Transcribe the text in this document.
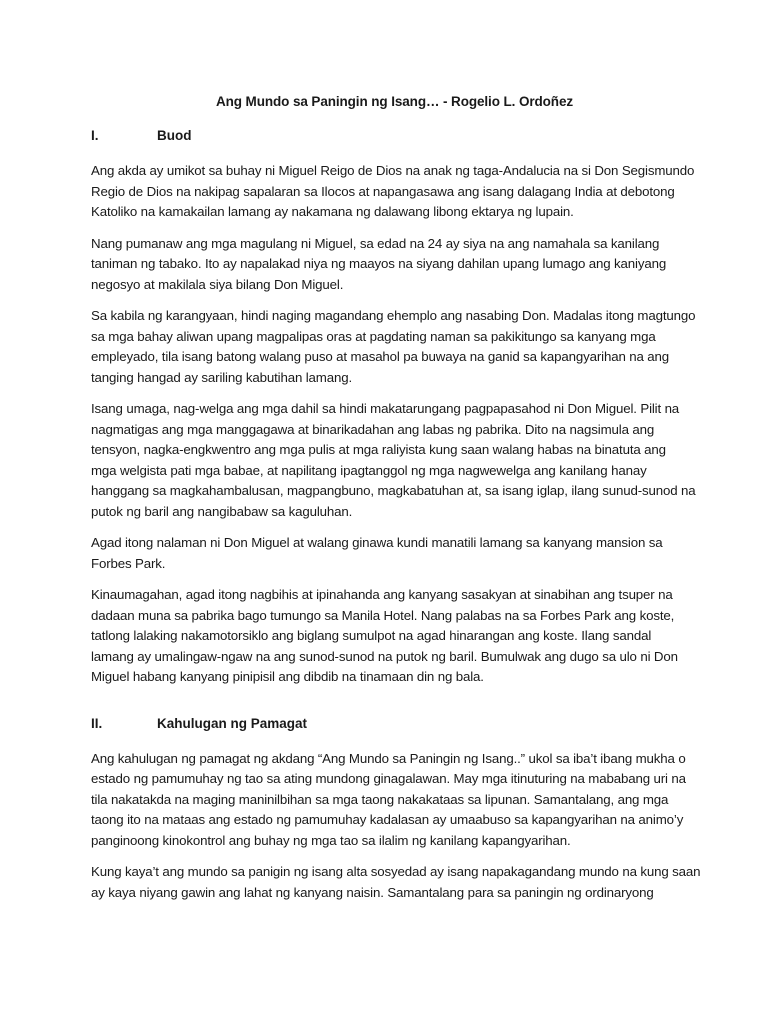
Ang Mundo sa Paningin ng Isang… - Rogelio L. Ordoñez
I.	Buod
Ang akda ay umikot sa buhay ni Miguel Reigo de Dios na anak ng taga-Andalucia na si Don Segismundo
Regio de Dios na nakipag sapalaran sa Ilocos at napangasawa ang isang dalagang India at debotong
Katoliko na kamakailan lamang ay nakamana ng dalawang libong ektarya ng lupain.
Nang pumanaw ang mga magulang ni Miguel, sa edad na 24 ay siya na ang namahala sa kanilang
taniman ng tabako. Ito ay napalakad niya ng maayos na siyang dahilan upang lumago ang kaniyang
negosyo at makilala siya bilang Don Miguel.
Sa kabila ng karangyaan, hindi naging magandang ehemplo ang nasabing Don. Madalas itong magtungo
sa mga bahay aliwan upang magpalipas oras at pagdating naman sa pakikitungo sa kanyang mga
empleyado, tila isang batong walang puso at masahol pa buwaya na ganid sa kapangyarihan na ang
tanging hangad ay sariling kabutihan lamang.
Isang umaga, nag-welga ang mga dahil sa hindi makatarungang pagpapasahod ni Don Miguel. Pilit na
nagmatigas ang mga manggagawa at binarikadahan ang labas ng pabrika. Dito na nagsimula ang
tensyon, nagka-engkwentro ang mga pulis at mga raliyista kung saan walang habas na binatuta ang
mga welgista pati mga babae, at napilitang ipagtanggol ng mga nagwewelga ang kanilang hanay
hanggang sa magkahambalusan, magpangbuno, magkabatuhan at, sa isang iglap, ilang sunud-sunod na
putok ng baril ang nangibabaw sa kaguluhan.
Agad itong nalaman ni Don Miguel at walang ginawa kundi manatili lamang sa kanyang mansion sa
Forbes Park.
Kinaumagahan, agad itong nagbihis at ipinahanda ang kanyang sasakyan at sinabihan ang tsuper na
dadaan muna sa pabrika bago tumungo sa Manila Hotel. Nang palabas na sa Forbes Park ang koste,
tatlong lalaking nakamotorsiklo ang biglang sumulpot na agad hinarangan ang koste. Ilang sandal
lamang ay umalingaw-ngaw na ang sunod-sunod na putok ng baril. Bumulwak ang dugo sa ulo ni Don
Miguel habang kanyang pinipisil ang dibdib na tinamaan din ng bala.
II.	Kahulugan ng Pamagat
Ang kahulugan ng pamagat ng akdang “Ang Mundo sa Paningin ng Isang..” ukol sa iba’t ibang mukha o
estado ng pamumuhay ng tao sa ating mundong ginagalawan. May mga itinuturing na mababang uri na
tila nakatakda na maging maninilbihan sa mga taong nakakataas sa lipunan. Samantalang, ang mga
taong ito na mataas ang estado ng pamumuhay kadalasan ay umaabuso sa kapangyarihan na animo’y
panginoong kinokontrol ang buhay ng mga tao sa ilalim ng kanilang kapangyarihan.
Kung kaya’t ang mundo sa panigin ng isang alta sosyedad ay isang napakagandang mundo na kung saan
ay kaya niyang gawin ang lahat ng kanyang naisin. Samantalang para sa paningin ng ordinaryong
